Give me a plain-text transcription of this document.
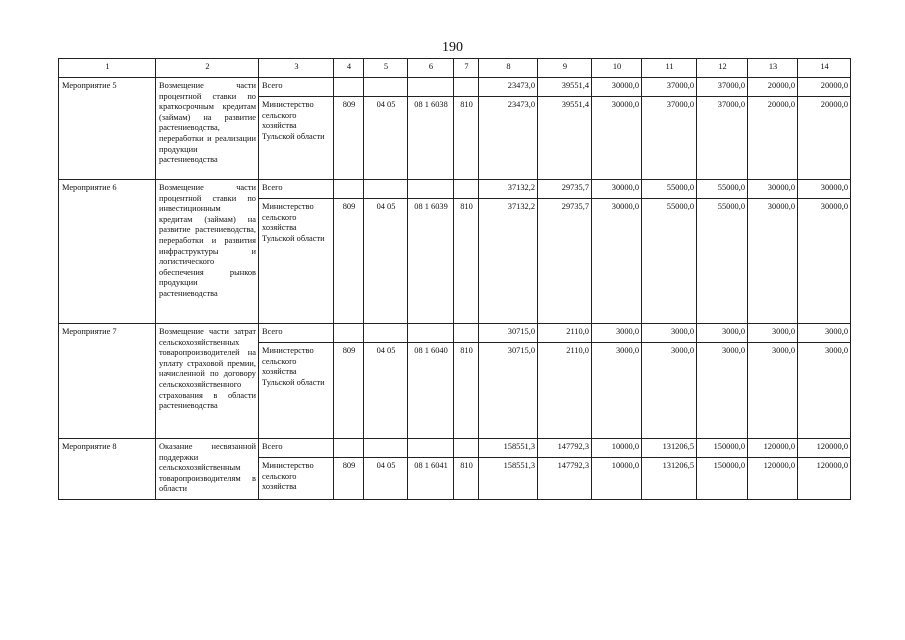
190
1	2	3	4	5	6	7	8	9	10	11	12	13	14
Мероприятие 5	Возмещение части процентной ставки по краткосрочным кредитам (займам) на развитие растениеводства, переработки и реализации продукции растениеводства	Всего					23473,0	39551,4	30000,0	37000,0	37000,0	20000,0	20000,0
		Министерство сельского хозяйства Тульской области	809	04 05	08 1 6038	810	23473,0	39551,4	30000,0	37000,0	37000,0	20000,0	20000,0
Мероприятие 6	Возмещение части процентной ставки по инвестиционным кредитам (займам) на развитие растениеводства, переработки и развития инфраструктуры и логистического обеспечения рынков продукции растениеводства	Всего					37132,2	29735,7	30000,0	55000,0	55000,0	30000,0	30000,0
		Министерство сельского хозяйства Тульской области	809	04 05	08 1 6039	810	37132,2	29735,7	30000,0	55000,0	55000,0	30000,0	30000,0
Мероприятие 7	Возмещение части затрат сельскохозяйственных товаропроизводителей на уплату страховой премии, начисленной по договору сельскохозяйственного страхования в области растениеводства	Всего					30715,0	2110,0	3000,0	3000,0	3000,0	3000,0	3000,0
		Министерство сельского хозяйства Тульской области	809	04 05	08 1 6040	810	30715,0	2110,0	3000,0	3000,0	3000,0	3000,0	3000,0
Мероприятие 8	Оказание несвязанной поддержки сельскохозяйственным товаропроизводителям в области	Всего					158551,3	147792,3	10000,0	131206,5	150000,0	120000,0	120000,0
		Министерство сельского хозяйства	809	04 05	08 1 6041	810	158551,3	147792,3	10000,0	131206,5	150000,0	120000,0	120000,0
